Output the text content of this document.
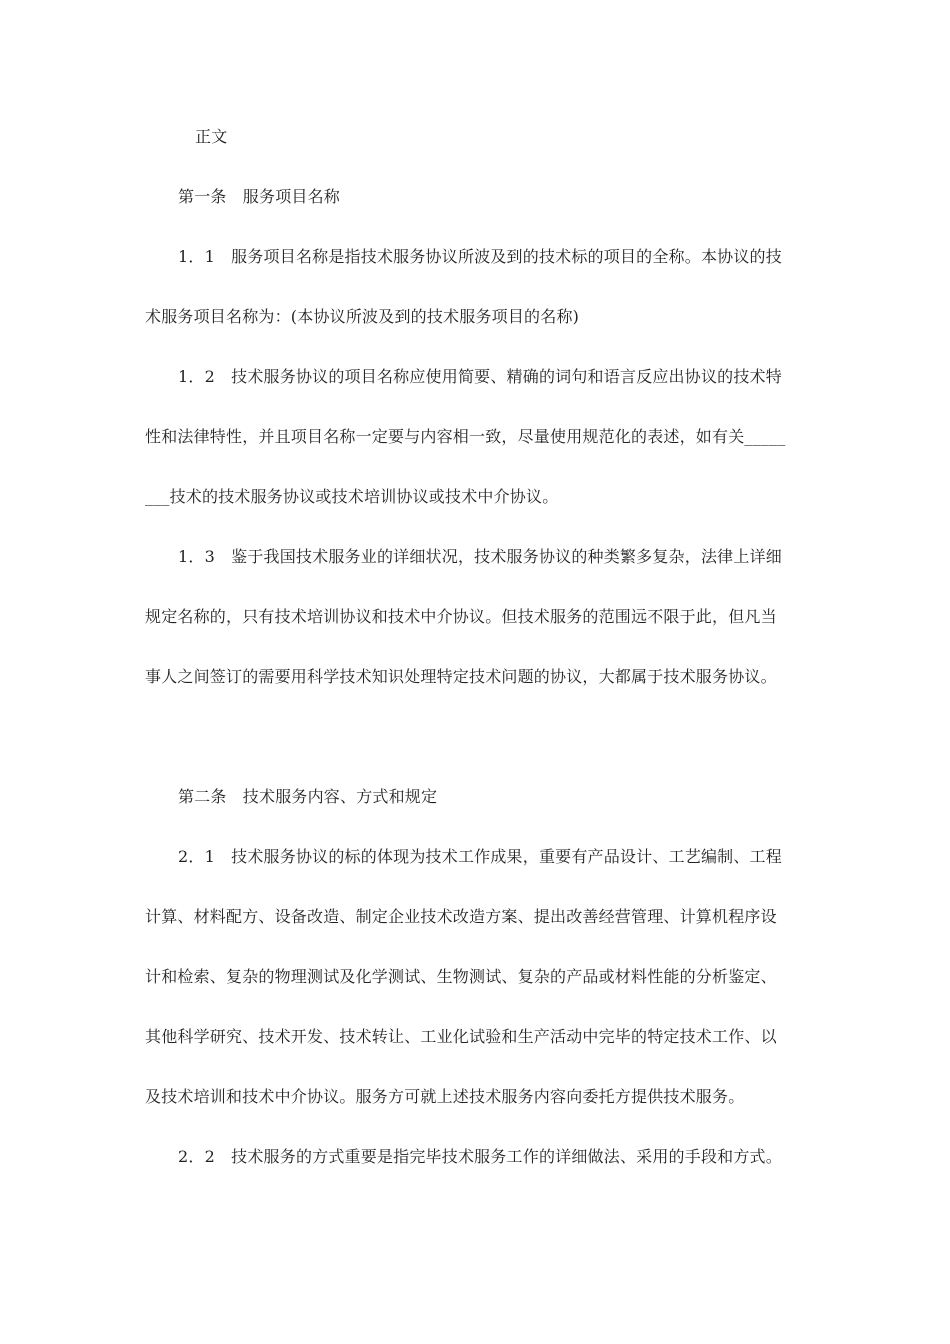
正文
第一条　服务项目名称
1．1　服务项目名称是指技术服务协议所波及到的技术标的项目的全称。本协议的技
术服务项目名称为：(本协议所波及到的技术服务项目的名称)
1．2　技术服务协议的项目名称应使用简要、精确的词句和语言反应出协议的技术特
性和法律特性，并且项目名称一定要与内容相一致，尽量使用规范化的表述，如有关_____
___技术的技术服务协议或技术培训协议或技术中介协议。
1．3　鉴于我国技术服务业的详细状况，技术服务协议的种类繁多复杂，法律上详细
规定名称的，只有技术培训协议和技术中介协议。但技术服务的范围远不限于此，但凡当
事人之间签订的需要用科学技术知识处理特定技术问题的协议，大都属于技术服务协议。
第二条　技术服务内容、方式和规定
2．1　技术服务协议的标的体现为技术工作成果，重要有产品设计、工艺编制、工程
计算、材料配方、设备改造、制定企业技术改造方案、提出改善经营管理、计算机程序设
计和检索、复杂的物理测试及化学测试、生物测试、复杂的产品或材料性能的分析鉴定、
其他科学研究、技术开发、技术转让、工业化试验和生产活动中完毕的特定技术工作、以
及技术培训和技术中介协议。服务方可就上述技术服务内容向委托方提供技术服务。
2．2　技术服务的方式重要是指完毕技术服务工作的详细做法、采用的手段和方式。
